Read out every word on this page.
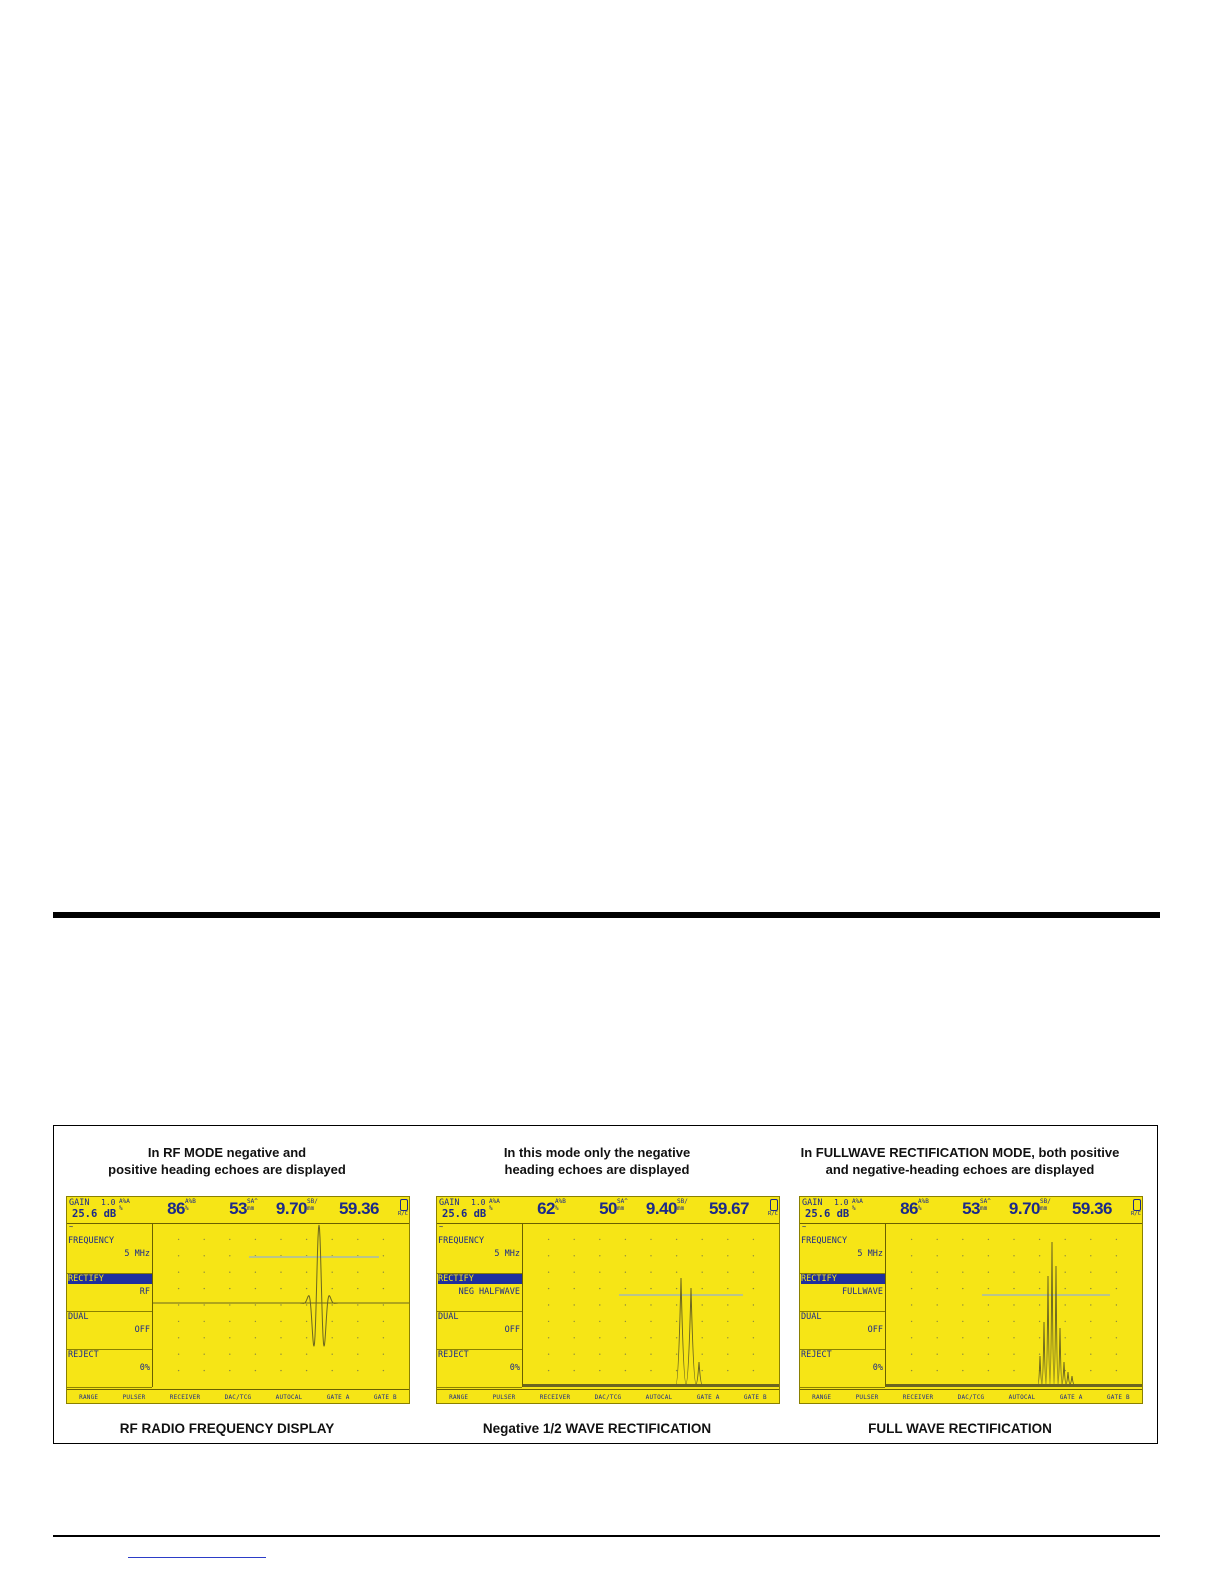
In RF MODE negative and
positive heading echoes are displayed
GAIN 1.0
25.6 dB
A%A
%	86 A%B
%	53 SA^
mm 9.70 SB/
mm 59.36	R/C
~
FREQUENCY
5 MHz
RECTIFY
RF
DUAL
OFF
REJECT
0%
RANGE	PULSER	RECEIVER	DAC/TCG	AUTOCAL	GATE A	GATE B
RF RADIO FREQUENCY DISPLAY
In this mode only the negative
heading echoes are displayed
GAIN 1.0
25.6 dB
A%A
%	62 A%B
%	50 SA^
mm 9.40 SB/
mm 59.67	R/C
~
FREQUENCY
5 MHz
RECTIFY
NEG HALFWAVE
DUAL
OFF
REJECT
0%
RANGE	PULSER	RECEIVER	DAC/TCG	AUTOCAL	GATE A	GATE B
Negative 1/2 WAVE RECTIFICATION
In FULLWAVE RECTIFICATION MODE, both positive
and negative-heading echoes are displayed
GAIN 1.0
25.6 dB
A%A
%	86 A%B
%	53 SA^
mm 9.70 SB/
mm 59.36	R/C
~
FREQUENCY
5 MHz
RECTIFY
FULLWAVE
DUAL
OFF
REJECT
0%
RANGE	PULSER	RECEIVER	DAC/TCG	AUTOCAL	GATE A	GATE B
FULL WAVE RECTIFICATION
